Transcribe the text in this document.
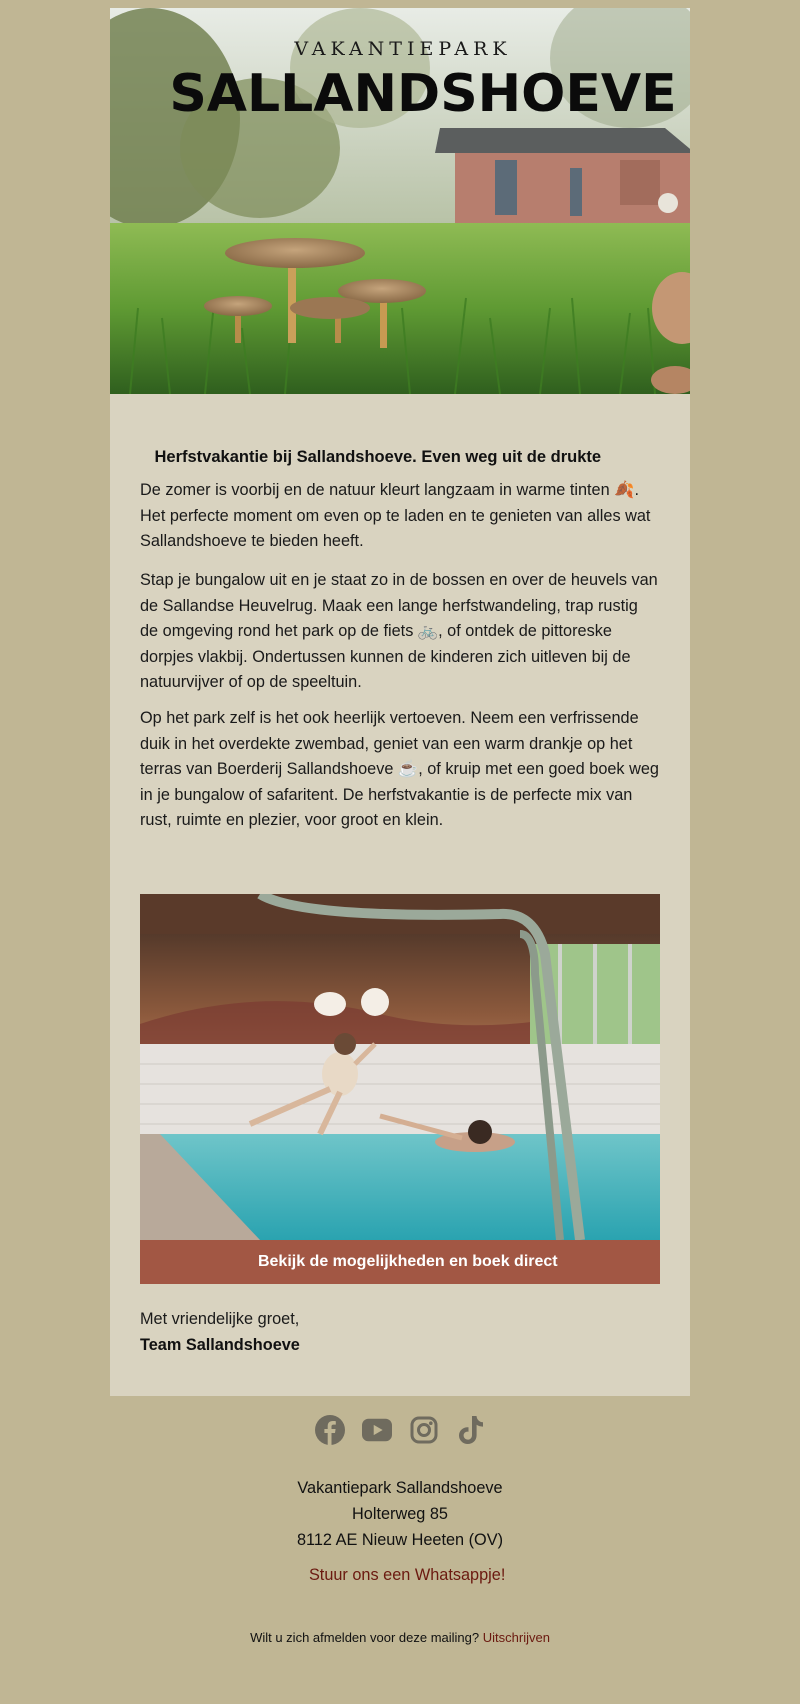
VAKANTIEPARK
SALLANDSHOEVE

Herfstvakantie bij Sallandshoeve. Even weg uit de drukte

De zomer is voorbij en de natuur kleurt langzaam in warme tinten 🍂. Het perfecte moment om even op te laden en te genieten van alles wat Sallandshoeve te bieden heeft.

Stap je bungalow uit en je staat zo in de bossen en over de heuvels van de Sallandse Heuvelrug. Maak een lange herfstwandeling, trap rustig de omgeving rond het park op de fiets 🚲, of ontdek de pittoreske dorpjes vlakbij. Ondertussen kunnen de kinderen zich uitleven bij de natuurvijver of op de speeltuin.

Op het park zelf is het ook heerlijk vertoeven. Neem een verfrissende duik in het overdekte zwembad, geniet van een warm drankje op het terras van Boerderij Sallandshoeve ☕, of kruip met een goed boek weg in je bungalow of safaritent. De herfstvakantie is de perfecte mix van rust, ruimte en plezier, voor groot en klein.

Bekijk de mogelijkheden en boek direct
Met vriendelijke groet,
Team Sallandshoeve
Vakantiepark Sallandshoeve
Holterweg 85
8112 AE Nieuw Heeten (OV)
Stuur ons een Whatsappje!
Wilt u zich afmelden voor deze mailing? Uitschrijven
